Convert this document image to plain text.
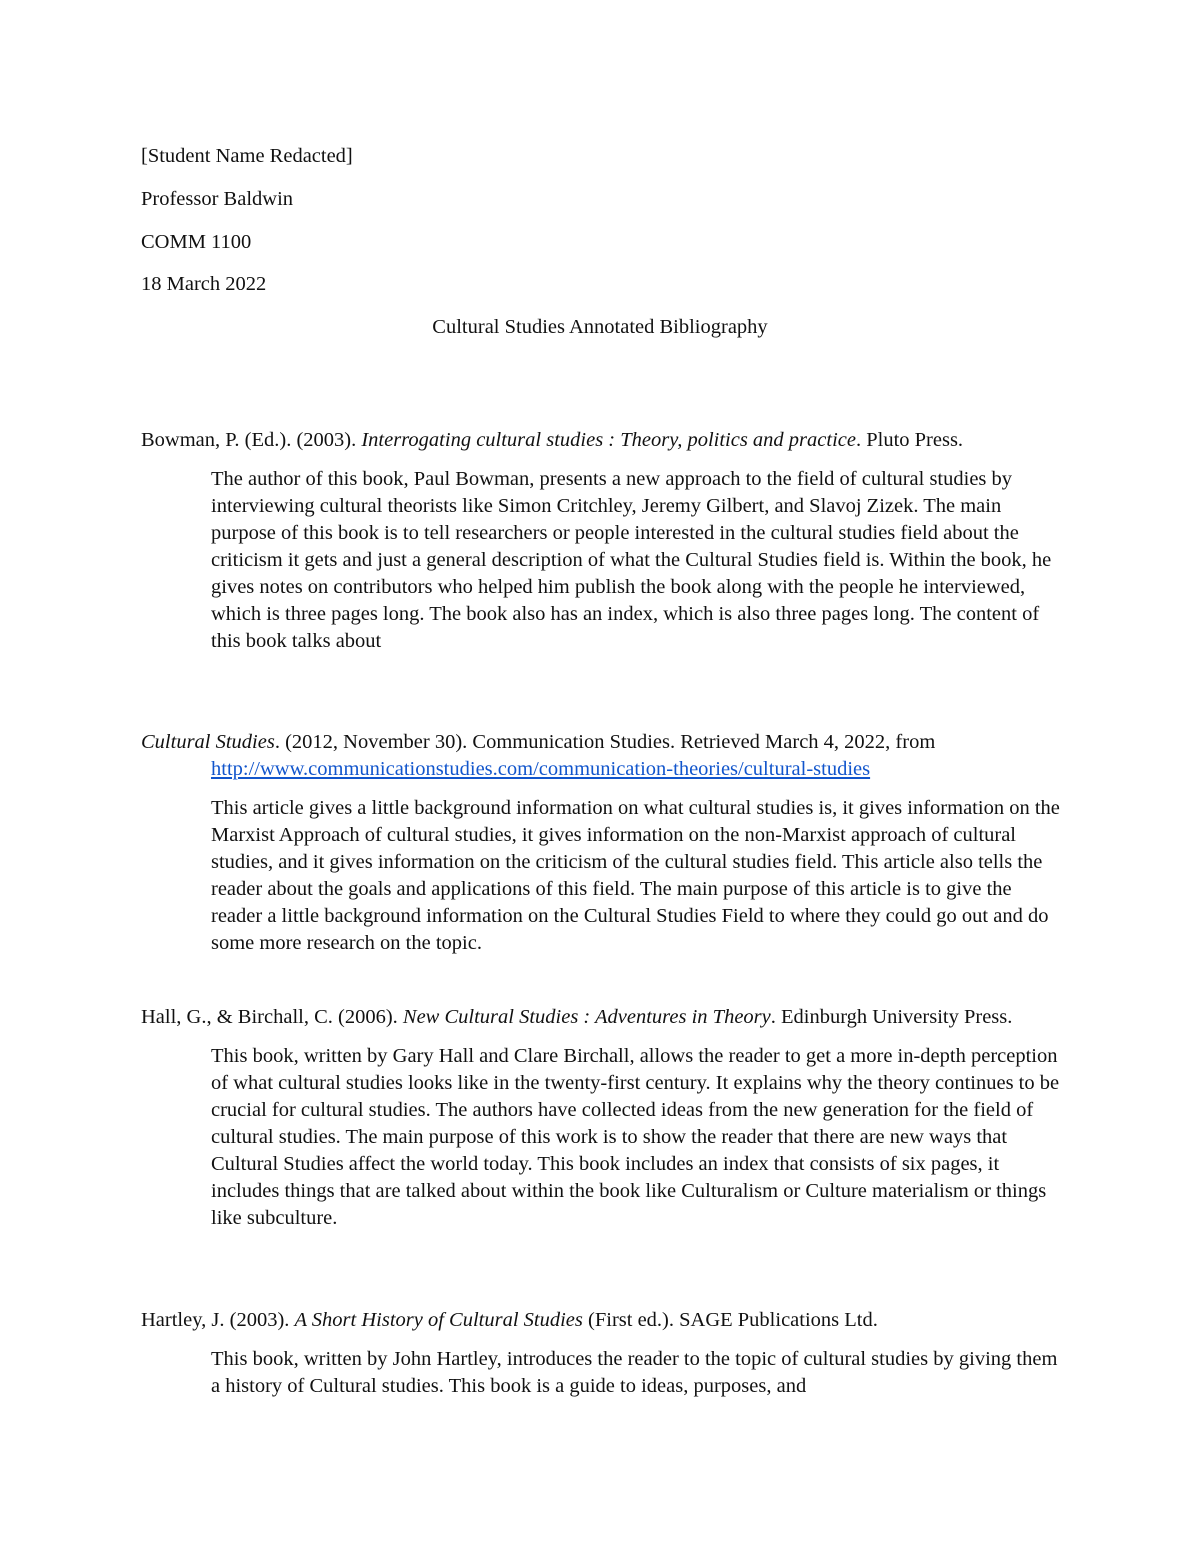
[Student Name Redacted]
Professor Baldwin
COMM 1100
18 March 2022
Cultural Studies Annotated Bibliography

Bowman, P. (Ed.). (2003). Interrogating cultural studies : Theory, politics and practice. Pluto Press.

The author of this book, Paul Bowman, presents a new approach to the field of cultural studies by interviewing cultural theorists like Simon Critchley, Jeremy Gilbert, and Slavoj Zizek. The main purpose of this book is to tell researchers or people interested in the cultural studies field about the criticism it gets and just a general description of what the Cultural Studies field is. Within the book, he gives notes on contributors who helped him publish the book along with the people he interviewed, which is three pages long. The book also has an index, which is also three pages long. The content of this book talks about

Cultural Studies. (2012, November 30). Communication Studies. Retrieved March 4, 2022, from http://www.communicationstudies.com/communication-theories/cultural-studies

This article gives a little background information on what cultural studies is, it gives information on the Marxist Approach of cultural studies, it gives information on the non-Marxist approach of cultural studies, and it gives information on the criticism of the cultural studies field. This article also tells the reader about the goals and applications of this field. The main purpose of this article is to give the reader a little background information on the Cultural Studies Field to where they could go out and do some more research on the topic.

Hall, G., & Birchall, C. (2006). New Cultural Studies : Adventures in Theory. Edinburgh University Press.

This book, written by Gary Hall and Clare Birchall, allows the reader to get a more in-depth perception of what cultural studies looks like in the twenty-first century. It explains why the theory continues to be crucial for cultural studies. The authors have collected ideas from the new generation for the field of cultural studies. The main purpose of this work is to show the reader that there are new ways that Cultural Studies affect the world today. This book includes an index that consists of six pages, it includes things that are talked about within the book like Culturalism or Culture materialism or things like subculture.

Hartley, J. (2003). A Short History of Cultural Studies (First ed.). SAGE Publications Ltd.

This book, written by John Hartley, introduces the reader to the topic of cultural studies by giving them a history of Cultural studies. This book is a guide to ideas, purposes, and
